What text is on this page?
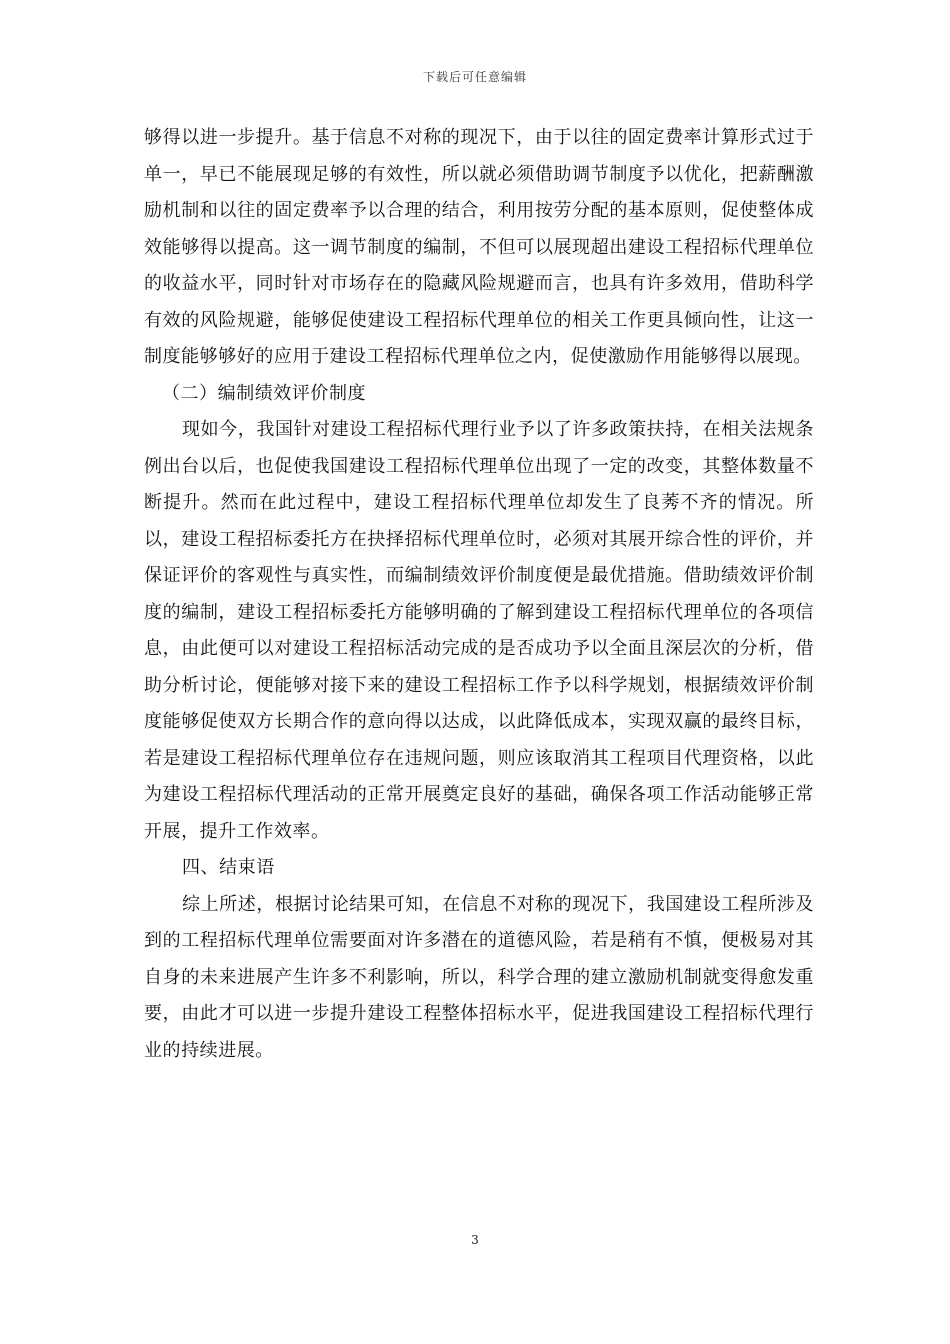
下载后可任意编辑

够得以进一步提升。基于信息不对称的现况下，由于以往的固定费率计算形式过于单一，早已不能展现足够的有效性，所以就必须借助调节制度予以优化，把薪酬激励机制和以往的固定费率予以合理的结合，利用按劳分配的基本原则，促使整体成效能够得以提高。这一调节制度的编制，不但可以展现超出建设工程招标代理单位的收益水平，同时针对市场存在的隐藏风险规避而言，也具有许多效用，借助科学有效的风险规避，能够促使建设工程招标代理单位的相关工作更具倾向性，让这一制度能够够好的应用于建设工程招标代理单位之内，促使激励作用能够得以展现。

（二）编制绩效评价制度

现如今，我国针对建设工程招标代理行业予以了许多政策扶持，在相关法规条例出台以后，也促使我国建设工程招标代理单位出现了一定的改变，其整体数量不断提升。然而在此过程中，建设工程招标代理单位却发生了良莠不齐的情况。所以，建设工程招标委托方在抉择招标代理单位时，必须对其展开综合性的评价，并保证评价的客观性与真实性，而编制绩效评价制度便是最优措施。借助绩效评价制度的编制，建设工程招标委托方能够明确的了解到建设工程招标代理单位的各项信息，由此便可以对建设工程招标活动完成的是否成功予以全面且深层次的分析，借助分析讨论，便能够对接下来的建设工程招标工作予以科学规划，根据绩效评价制度能够促使双方长期合作的意向得以达成，以此降低成本，实现双赢的最终目标，若是建设工程招标代理单位存在违规问题，则应该取消其工程项目代理资格，以此为建设工程招标代理活动的正常开展奠定良好的基础，确保各项工作活动能够正常开展，提升工作效率。

四、结束语

综上所述，根据讨论结果可知，在信息不对称的现况下，我国建设工程所涉及到的工程招标代理单位需要面对许多潜在的道德风险，若是稍有不慎，便极易对其自身的未来进展产生许多不利影响，所以，科学合理的建立激励机制就变得愈发重要，由此才可以进一步提升建设工程整体招标水平，促进我国建设工程招标代理行业的持续进展。

3
